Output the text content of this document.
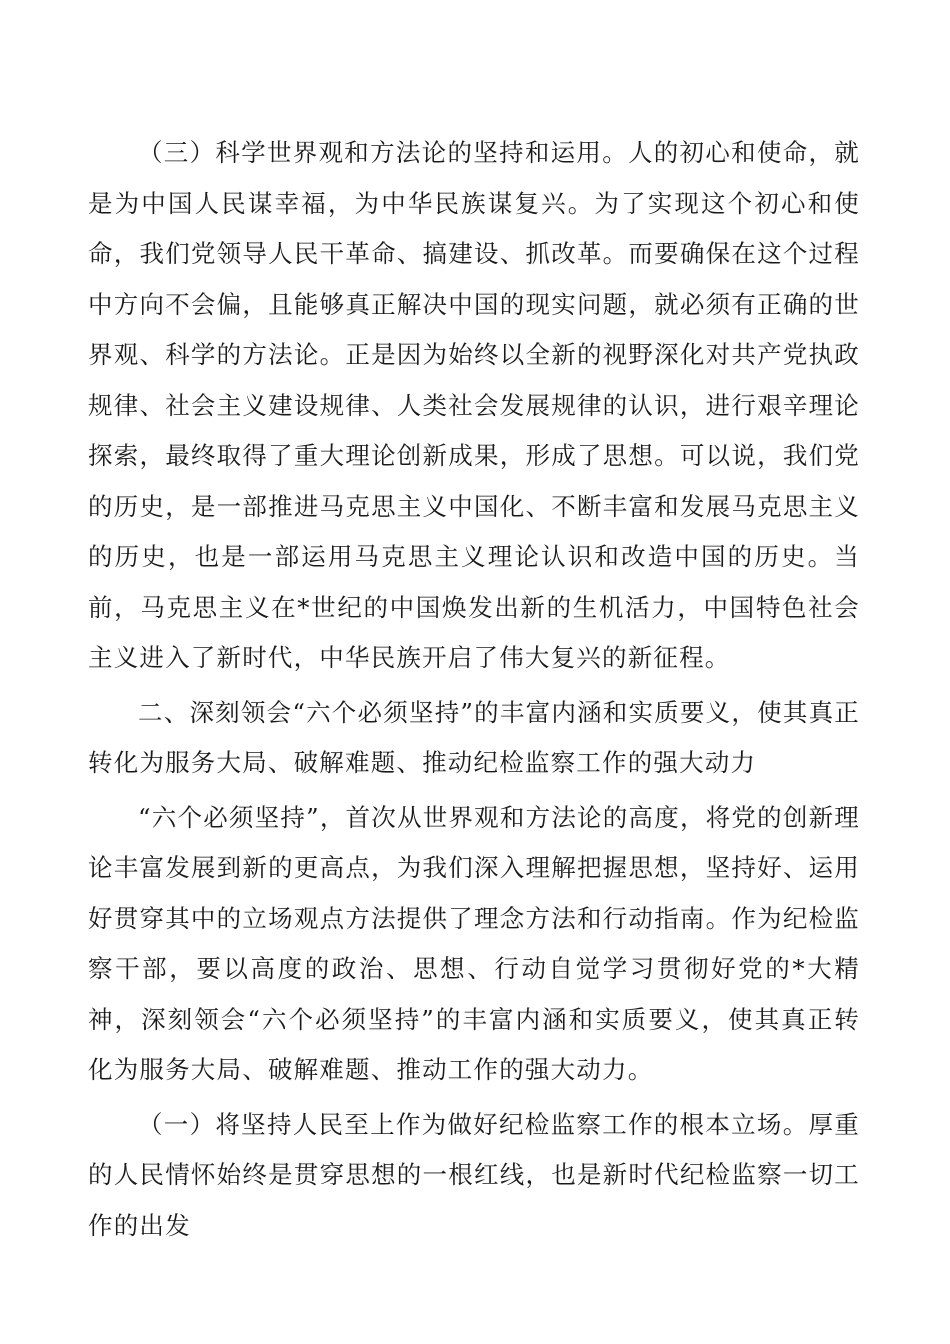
（三）科学世界观和方法论的坚持和运用。人的初心和使命，就是为中国人民谋幸福，为中华民族谋复兴。为了实现这个初心和使命，我们党领导人民干革命、搞建设、抓改革。而要确保在这个过程中方向不会偏，且能够真正解决中国的现实问题，就必须有正确的世界观、科学的方法论。正是因为始终以全新的视野深化对共产党执政规律、社会主义建设规律、人类社会发展规律的认识，进行艰辛理论探索，最终取得了重大理论创新成果，形成了思想。可以说，我们党的历史，是一部推进马克思主义中国化、不断丰富和发展马克思主义的历史，也是一部运用马克思主义理论认识和改造中国的历史。当前，马克思主义在*世纪的中国焕发出新的生机活力，中国特色社会主义进入了新时代，中华民族开启了伟大复兴的新征程。

二、深刻领会“六个必须坚持”的丰富内涵和实质要义，使其真正转化为服务大局、破解难题、推动纪检监察工作的强大动力

“六个必须坚持”，首次从世界观和方法论的高度，将党的创新理论丰富发展到新的更高点，为我们深入理解把握思想，坚持好、运用好贯穿其中的立场观点方法提供了理念方法和行动指南。作为纪检监察干部，要以高度的政治、思想、行动自觉学习贯彻好党的*大精神，深刻领会“六个必须坚持”的丰富内涵和实质要义，使其真正转化为服务大局、破解难题、推动工作的强大动力。

（一）将坚持人民至上作为做好纪检监察工作的根本立场。厚重的人民情怀始终是贯穿思想的一根红线，也是新时代纪检监察一切工作的出发
